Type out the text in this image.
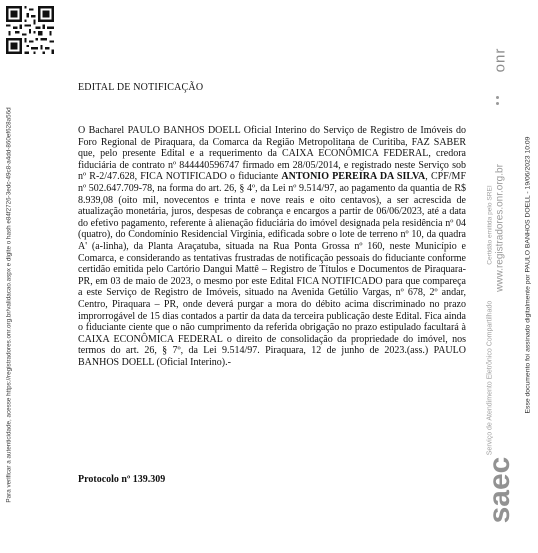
Para verificar a autenticidade, acesse https://registradores.onr.org.br/validacao.aspx e digite o hash e84f2726-3edc-49c8-a4dd-860ef628a56d
EDITAL DE NOTIFICAÇÃO

O Bacharel PAULO BANHOS DOELL Oficial Interino do Serviço de Registro de Imóveis do Foro Regional de Piraquara, da Comarca da Região Metropolitana de Curitiba, FAZ SABER que, pelo presente Edital e a requerimento da CAIXA ECONÔMICA FEDERAL, credora fiduciária de contrato nº 844440596747 firmado em 28/05/2014, e registrado neste Serviço sob nº R-2/47.628, FICA NOTIFICADO o fiduciante ANTONIO PEREIRA DA SILVA, CPF/MF nº 502.647.709-78, na forma do art. 26, § 4º, da Lei nº 9.514/97, ao pagamento da quantia de R$ 8.939,08 (oito mil, novecentos e trinta e nove reais e oito centavos), a ser acrescida de atualização monetária, juros, despesas de cobrança e encargos a partir de 06/06/2023, até a data do efetivo pagamento, referente à alienação fiduciária do imóvel designada pela residência nº 04 (quatro), do Condomínio Residencial Virginia, edificada sobre o lote de terreno nº 10, da quadra A' (a-linha), da Planta Araçatuba, situada na Rua Ponta Grossa nº 160, neste Município e Comarca, e considerando as tentativas frustradas de notificação pessoais do fiduciante conforme certidão emitida pelo Cartório Dangui Mattê – Registro de Títulos e Documentos de Piraquara-PR, em 03 de maio de 2023, o mesmo por este Edital FICA NOTIFICADO para que compareça a este Serviço de Registro de Imóveis, situado na Avenida Getúlio Vargas, nº 678, 2º andar, Centro, Piraquara – PR, onde deverá purgar a mora do débito acima discriminado no prazo improrrogável de 15 dias contados a partir da data da terceira publicação deste Edital. Fica ainda o fiduciante ciente que o não cumprimento da referida obrigação no prazo estipulado facultará à CAIXA ECONÔMICA FEDERAL o direito de consolidação da propriedade do imóvel, nos termos do art. 26, § 7º, da Lei 9.514/97. Piraquara, 12 de junho de 2023.(ass.) PAULO BANHOS DOELL (Oficial Interino).-

Protocolo nº 139.309
onr
Certidão emitida pelo SREI www.registradores.onr.org.br
Serviço de Atendimento Eletrônico Compartilhado
saec
Esse documento foi assinado digitalmente por PAULO BANHOS DOELL - 19/06/2023 10:09
